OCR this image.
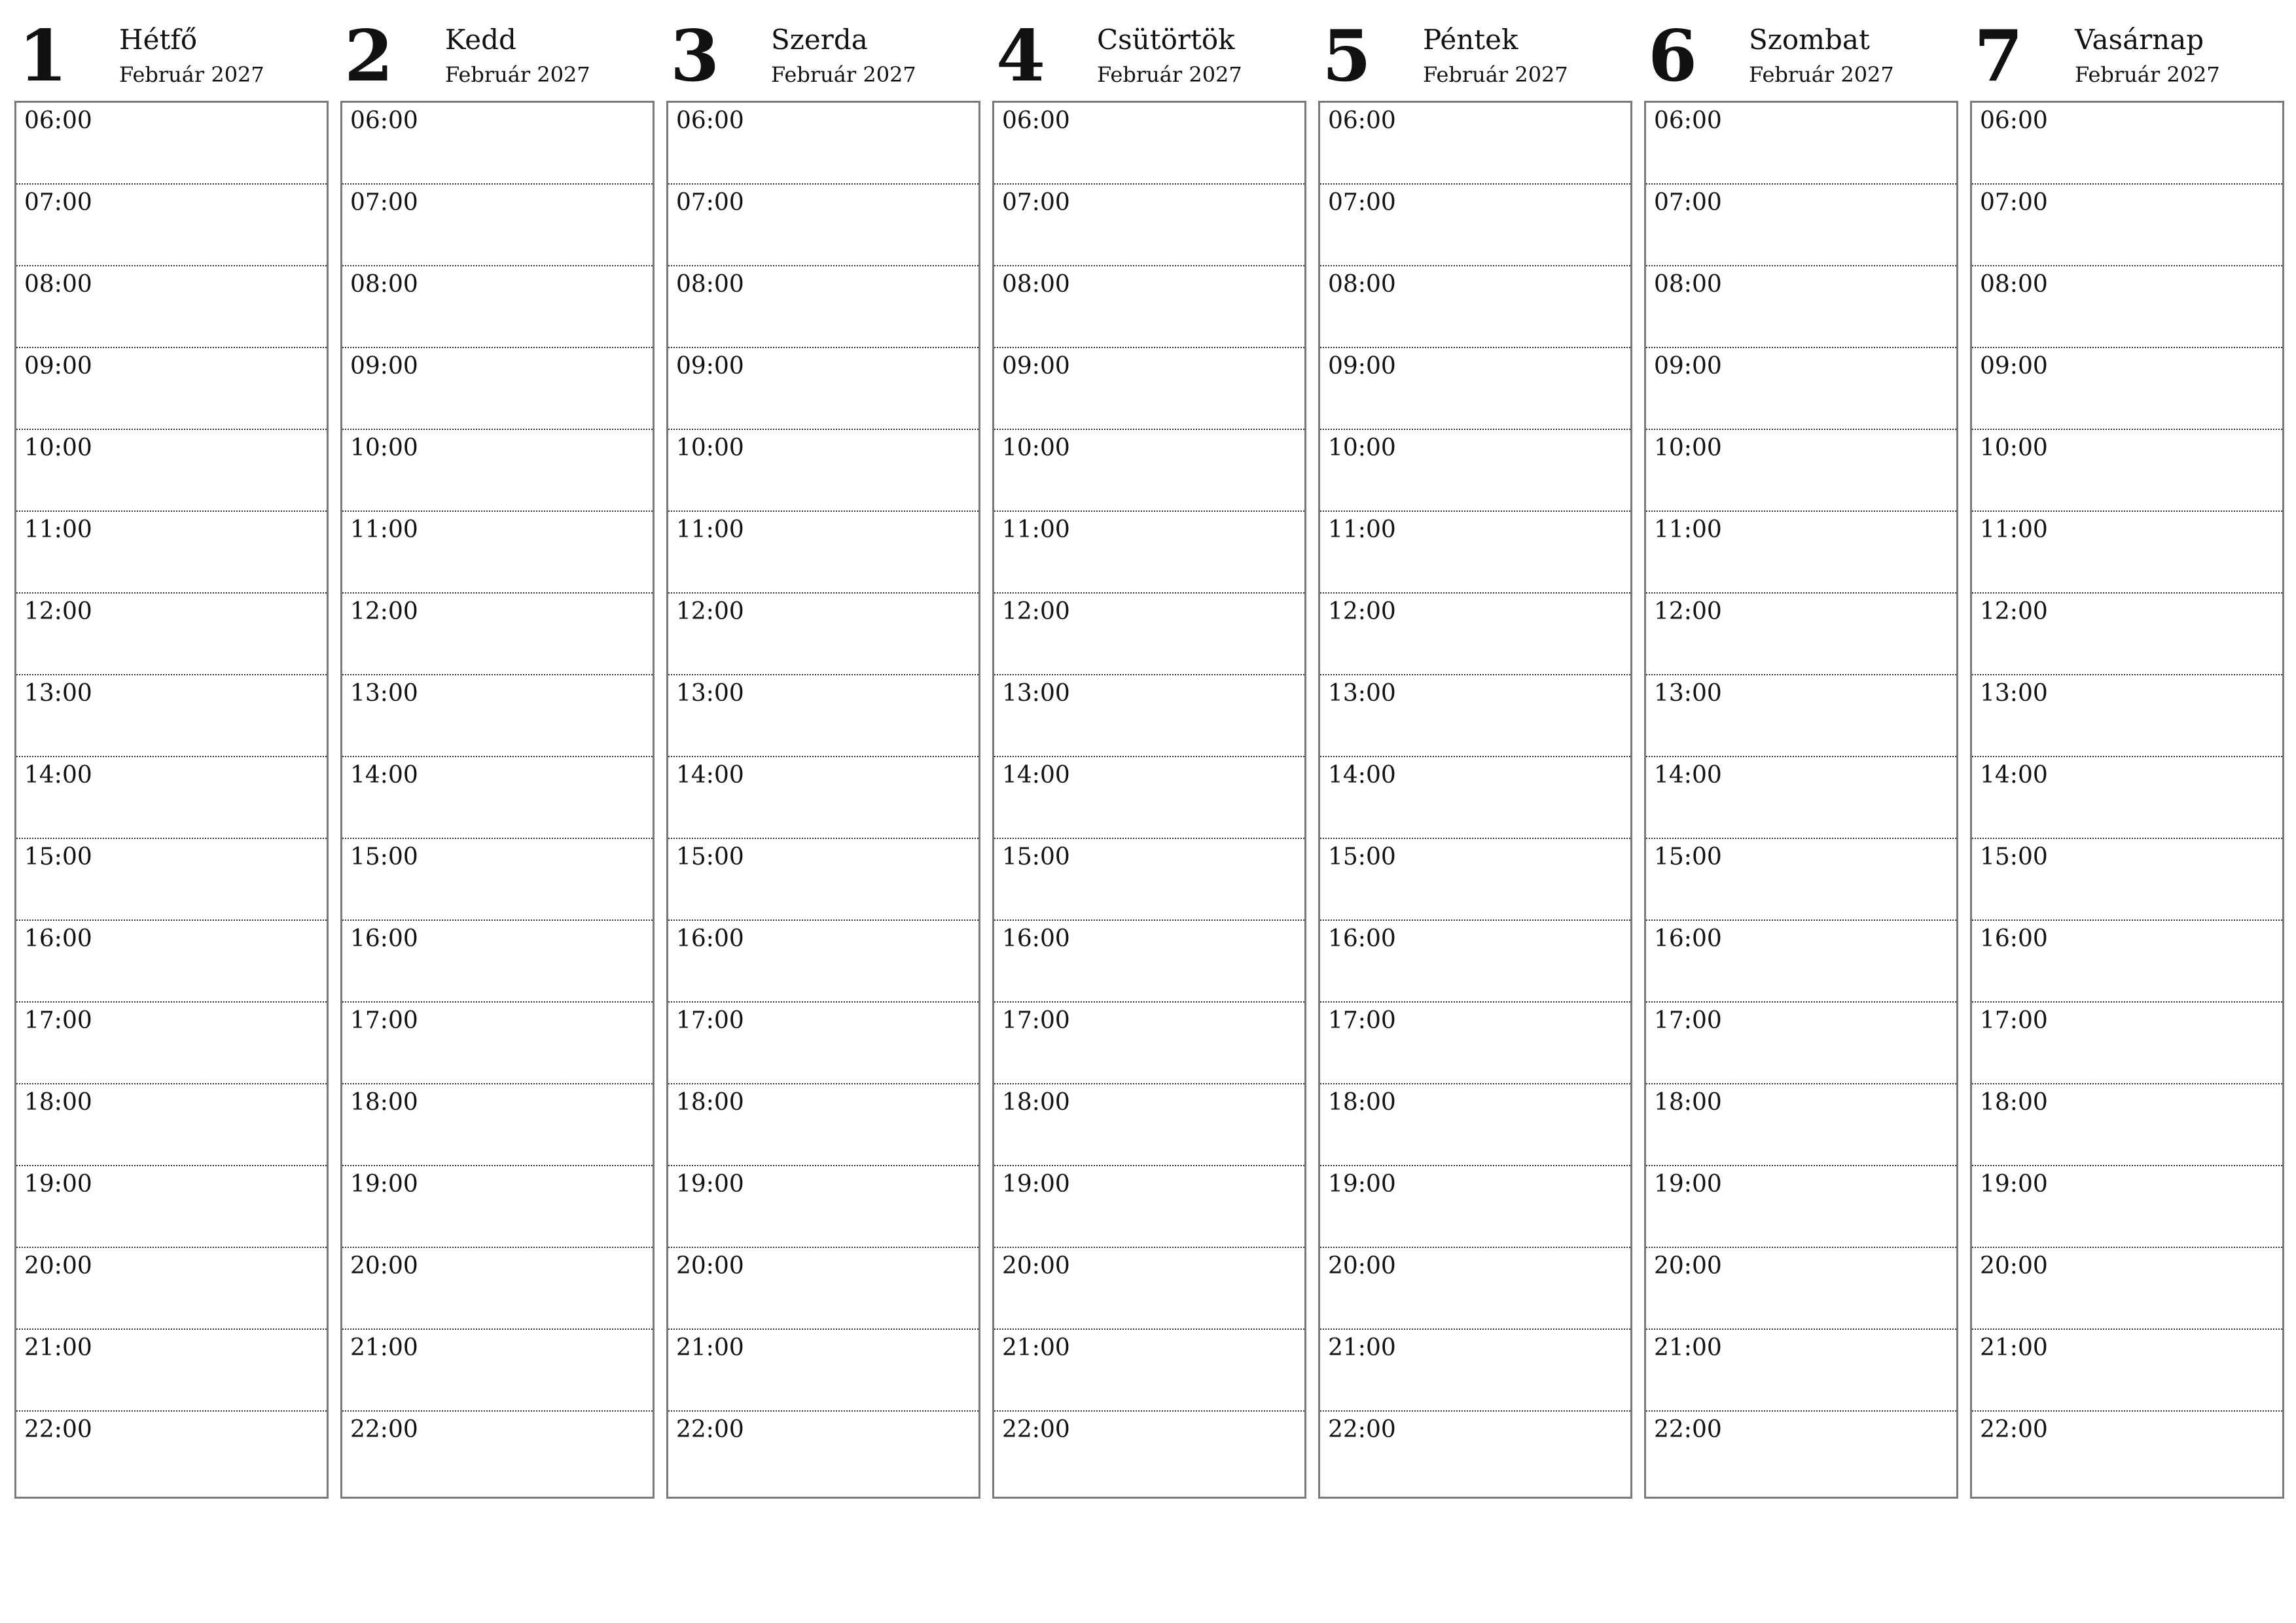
1 Hétfő
Február 2027
06:00
07:00
08:00
09:00
10:00
11:00
12:00
13:00
14:00
15:00
16:00
17:00
18:00
19:00
20:00
21:00
22:00
2 Kedd
Február 2027
06:00
07:00
08:00
09:00
10:00
11:00
12:00
13:00
14:00
15:00
16:00
17:00
18:00
19:00
20:00
21:00
22:00
3 Szerda
Február 2027
06:00
07:00
08:00
09:00
10:00
11:00
12:00
13:00
14:00
15:00
16:00
17:00
18:00
19:00
20:00
21:00
22:00
4 Csütörtök
Február 2027
06:00
07:00
08:00
09:00
10:00
11:00
12:00
13:00
14:00
15:00
16:00
17:00
18:00
19:00
20:00
21:00
22:00
5 Péntek
Február 2027
06:00
07:00
08:00
09:00
10:00
11:00
12:00
13:00
14:00
15:00
16:00
17:00
18:00
19:00
20:00
21:00
22:00
6 Szombat
Február 2027
06:00
07:00
08:00
09:00
10:00
11:00
12:00
13:00
14:00
15:00
16:00
17:00
18:00
19:00
20:00
21:00
22:00
7 Vasárnap
Február 2027
06:00
07:00
08:00
09:00
10:00
11:00
12:00
13:00
14:00
15:00
16:00
17:00
18:00
19:00
20:00
21:00
22:00
